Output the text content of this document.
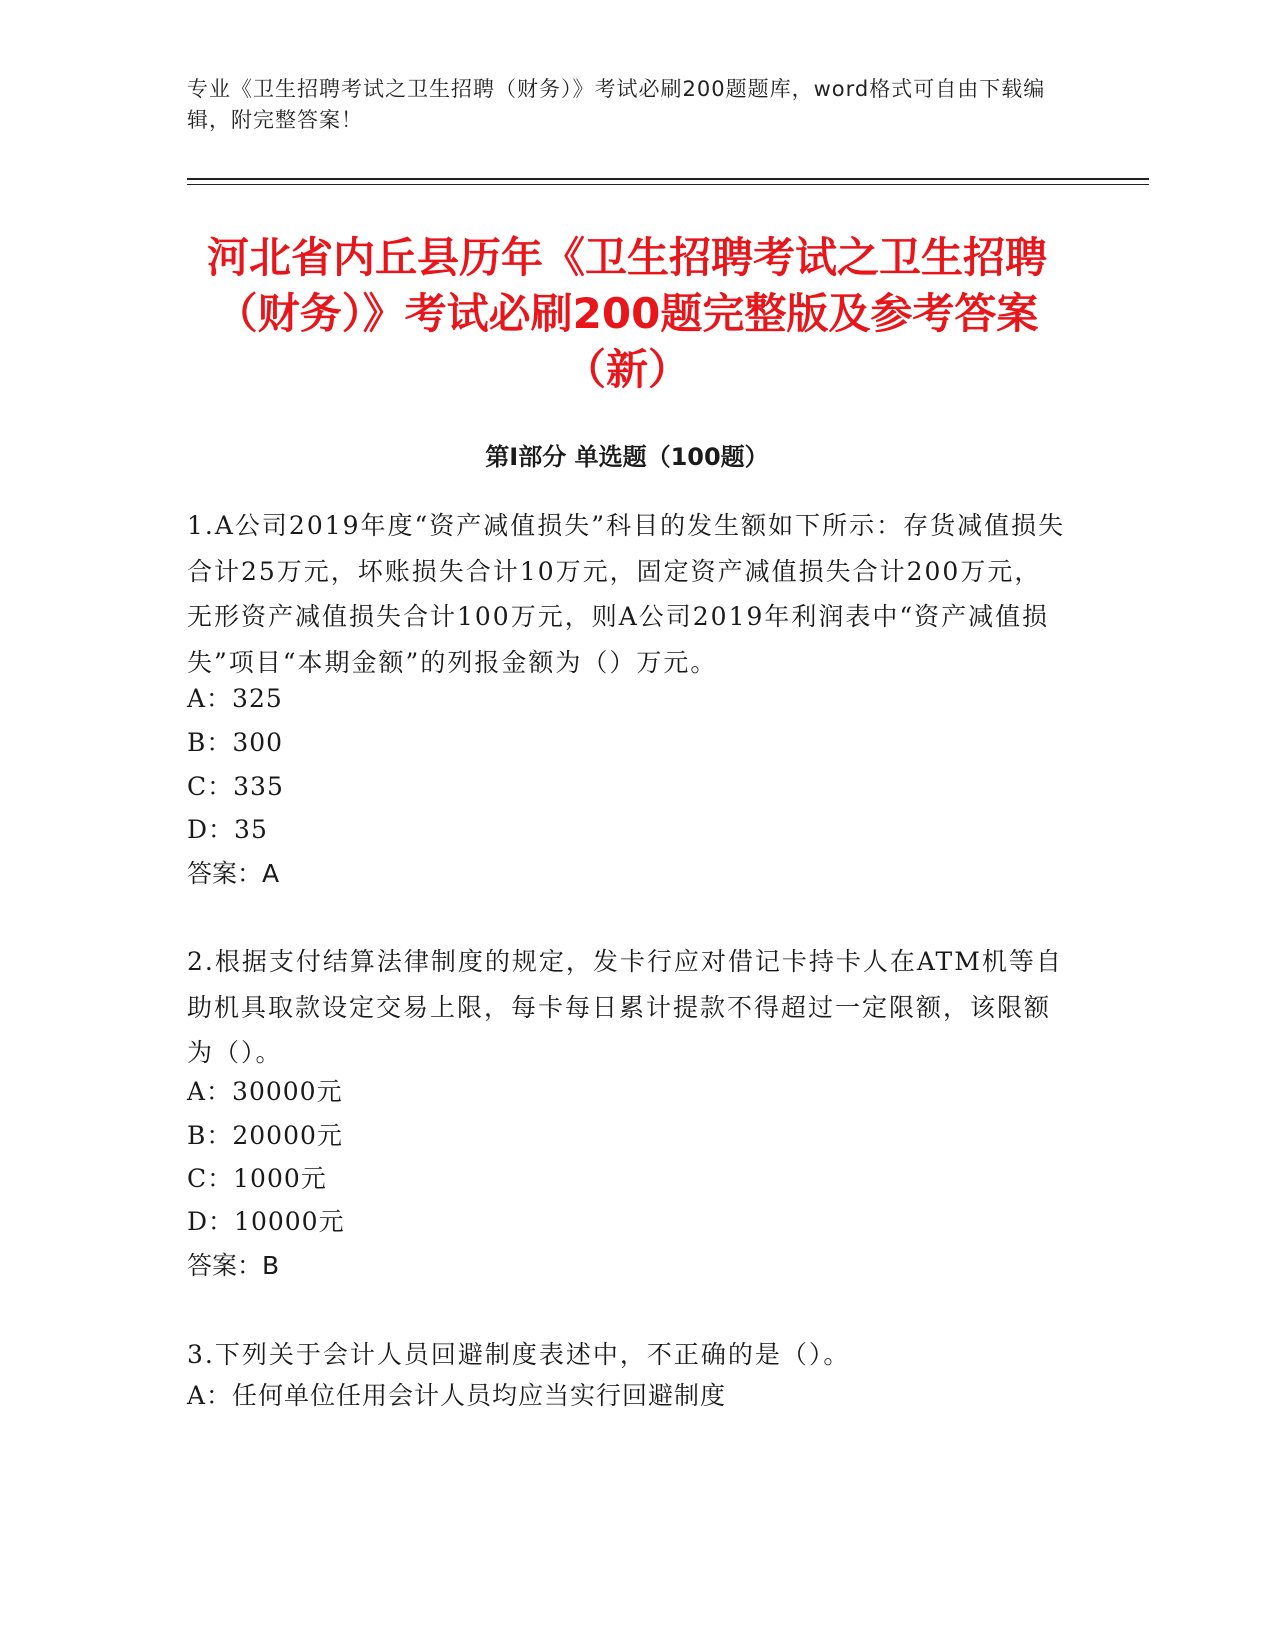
专业《卫生招聘考试之卫生招聘（财务）》考试必刷200题题库，word格式可自由下载编辑，附完整答案！
河北省内丘县历年《卫生招聘考试之卫生招聘（财务）》考试必刷200题完整版及参考答案（新）
第Ⅰ部分 单选题（100题）

1.A公司2019年度“资产减值损失”科目的发生额如下所示：存货减值损失合计25万元，坏账损失合计10万元，固定资产减值损失合计200万元，无形资产减值损失合计100万元，则A公司2019年利润表中“资产减值损失”项目“本期金额”的列报金额为（）万元。

A：325

B：300

C：335

D：35

答案：A

2.根据支付结算法律制度的规定，发卡行应对借记卡持卡人在ATM机等自助机具取款设定交易上限，每卡每日累计提款不得超过一定限额，该限额为（）。

A：30000元

B：20000元

C：1000元

D：10000元

答案：B

3.下列关于会计人员回避制度表述中，不正确的是（）。

A：任何单位任用会计人员均应当实行回避制度
